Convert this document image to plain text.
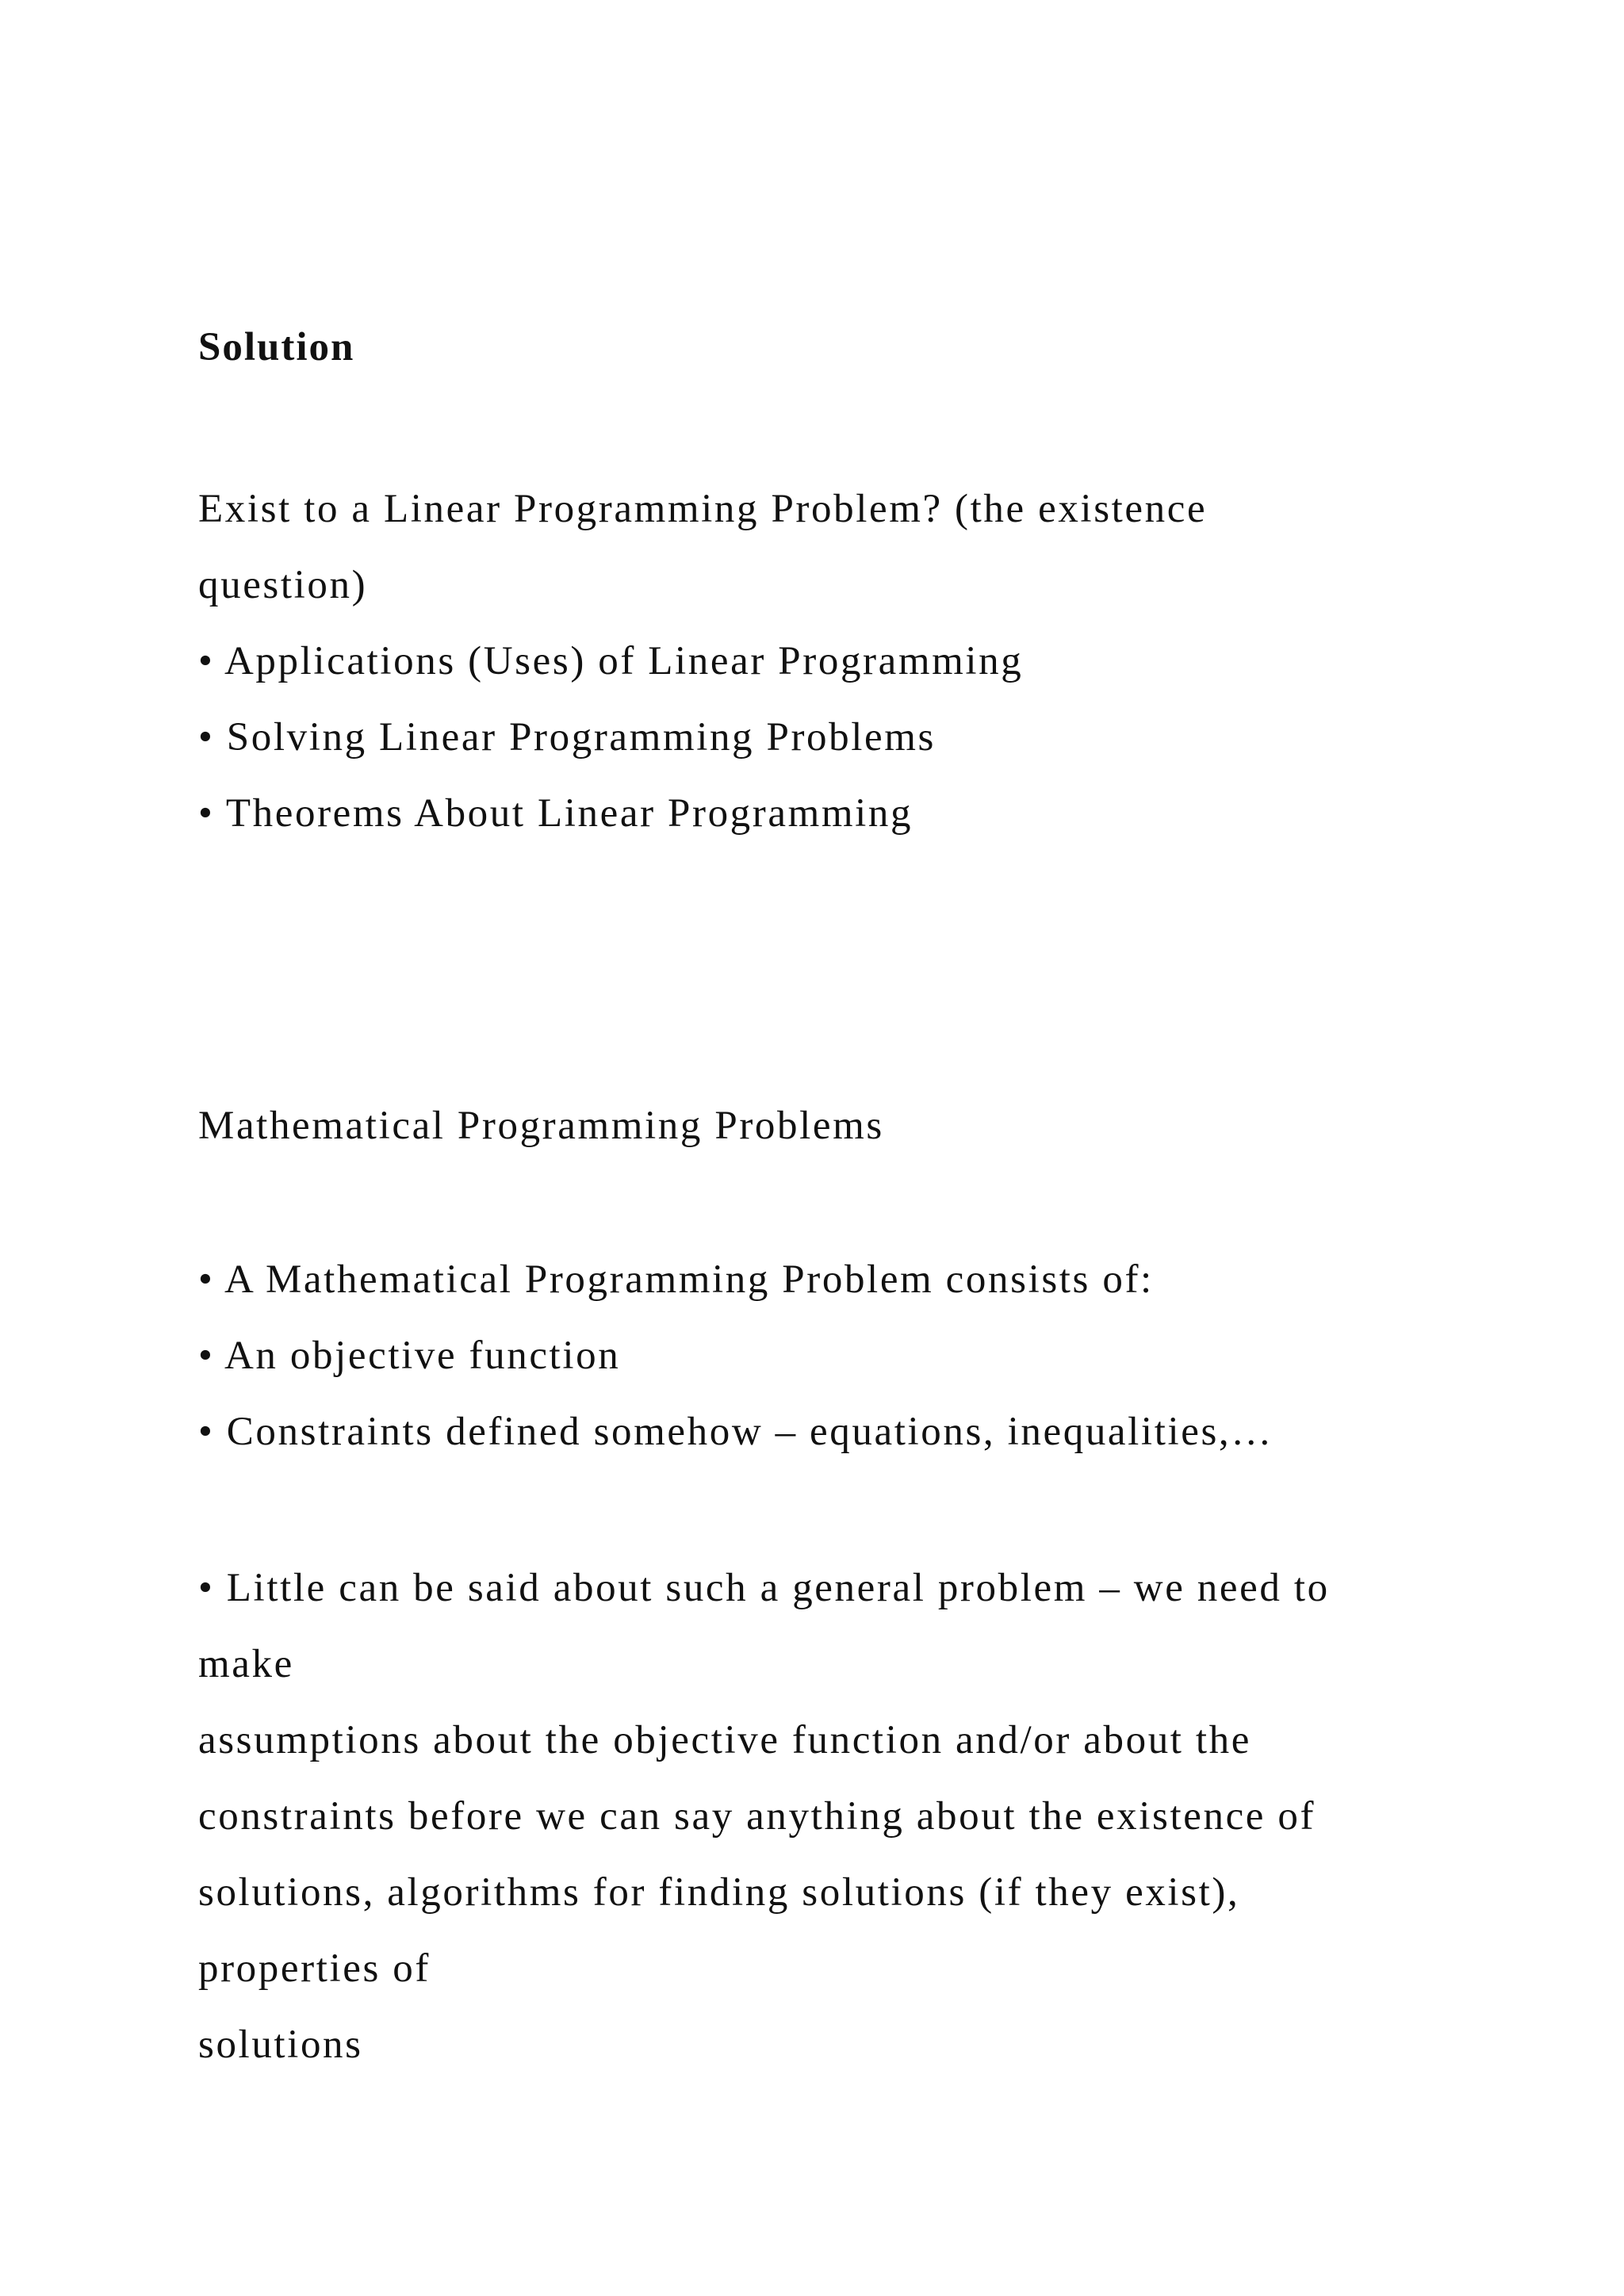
Solution

Exist to a Linear Programming Problem? (the existence

question)

• Applications (Uses) of Linear Programming

• Solving Linear Programming Problems

• Theorems About Linear Programming

Mathematical Programming Problems

• A Mathematical Programming Problem consists of:

• An objective function

• Constraints defined somehow – equations, inequalities,…

• Little can be said about such a general problem – we need to

make

assumptions about the objective function and/or about the

constraints before we can say anything about the existence of

solutions, algorithms for finding solutions (if they exist),

properties of

solutions
